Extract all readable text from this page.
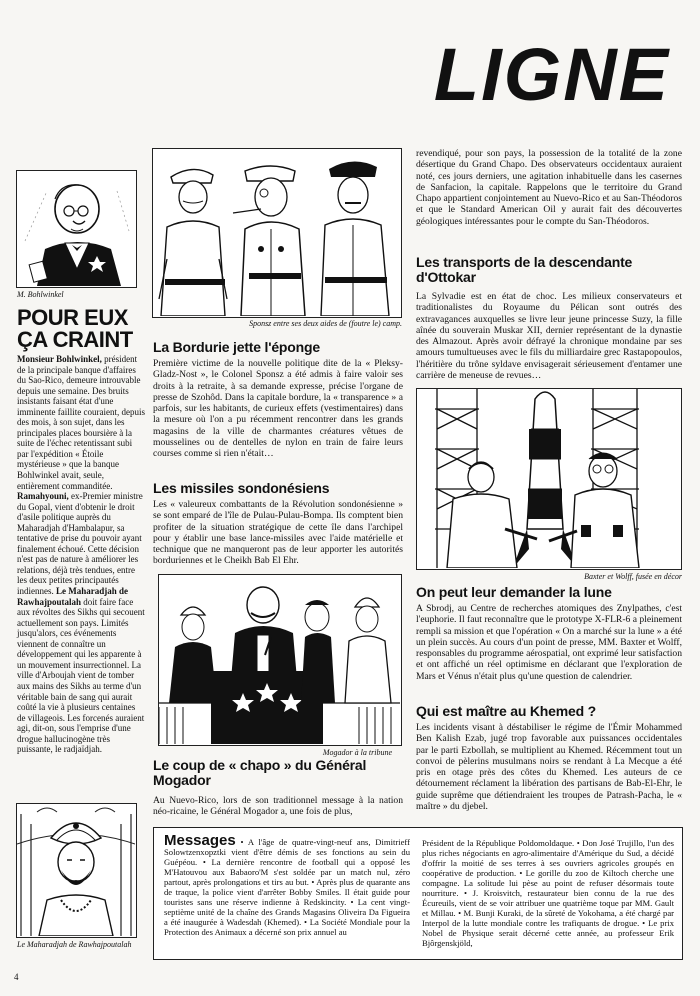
LIGNE
M. Bohlwinkel
POUR EUX ÇA CRAINT
Monsieur Bohlwinkel, président de la principale banque d'affaires du Sao-Rico, demeure introuvable depuis une semaine. Des bruits insistants faisant état d'une imminente faillite couraient, depuis des mois, à son sujet, dans les principales places boursière à la suite de l'échec retentissant subi par l'expédition « Étoile mystérieuse » que la banque Bohlwinkel avait, seule, entièrement commanditée. Ramahyouni, ex-Premier ministre du Gopal, vient d'obtenir le droit d'asile politique auprès du Maharadjah d'Hambalapur, sa tentative de prise du pouvoir ayant finalement échoué. Cette décision n'est pas de nature à améliorer les relations, déjà très tendues, entre les deux petites principautés indiennes. Le Maharadjah de Rawhajpoutalah doit faire face aux révoltes des Sikhs qui secouent actuellement son pays. Limités jusqu'alors, ces événements viennent de connaître un développement qui les apparente à un mouvement insurrectionnel. La ville d'Arboujah vient de tomber aux mains des Sikhs au terme d'un véritable bain de sang qui aurait coûté la vie à plusieurs centaines de villageois. Les forcenés auraient agi, dit-on, sous l'emprise d'une drogue hallucinogène très puissante, le radjaïdjah.
Le Maharadjah de Rawhajpoutalah
Sponsz entre ses deux aides de (foutre le) camp.
La Bordurie jette l'éponge
Première victime de la nouvelle politique dite de la « Pleksy-Gladz-Nost », le Colonel Sponsz a été admis à faire valoir ses droits à la retraite, à sa demande expresse, précise l'organe de presse de Szohôd. Dans la capitale bordure, la « transparence » a parfois, sur les habitants, de curieux effets (vestimentaires) dans la mesure où l'on a pu récemment rencontrer dans les grands magasins de la ville de charmantes créatures vêtues de mousselines ou de dentelles de nylon en train de faire leurs courses comme si rien n'était…
Les missiles sondonésiens
Les « valeureux combattants de la Révolution sondonésienne » se sont emparé de l'île de Pulau-Pulau-Bompa. Ils comptent bien profiter de la situation stratégique de cette île dans l'archipel pour y établir une base lance-missiles avec l'aide matérielle et technique que ne manqueront pas de leur apporter les autorités borduriennes et le Cheikh Bab El Ehr.
Mogador à la tribune
Le coup de « chapo » du Général Mogador
Au Nuevo-Rico, lors de son traditionnel message à la nation néo-ricaine, le Général Mogador a, une fois de plus,
revendiqué, pour son pays, la possession de la totalité de la zone désertique du Grand Chapo. Des observateurs occidentaux auraient noté, ces jours derniers, une agitation inhabituelle dans les casernes de Sanfacion, la capitale. Rappelons que le territoire du Grand Chapo appartient conjointement au Nuevo-Rico et au San-Théodoros et que le Standard American Oil y aurait fait des découvertes géologiques intéressantes pour le compte du San-Théodoros.
Les transports de la descendante d'Ottokar
La Sylvadie est en état de choc. Les milieux conservateurs et traditionalistes du Royaume du Pélican sont outrés des extravagances auxquelles se livre leur jeune princesse Suzy, la fille aînée du souverain Muskar XII, dernier représentant de la dynastie des Almazout. Après avoir défrayé la chronique mondaine par ses amours tumultueuses avec le fils du milliardaire grec Rastapopoulos, l'héritière du trône syldave envisagerait sérieusement d'entamer une carrière de meneuse de revues…
Baxter et Wolff, fusée en décor
On peut leur demander la lune
A Sbrodj, au Centre de recherches atomiques des Znylpathes, c'est l'euphorie. Il faut reconnaître que le prototype X-FLR-6 a pleinement rempli sa mission et que l'opération « On a marché sur la lune » a été un plein succès. Au cours d'un point de presse, MM. Baxter et Wolff, responsables du programme aérospatial, ont exprimé leur satisfaction et ont affiché un réel optimisme en déclarant que l'exploration de Mars et Vénus n'était plus qu'une question de calendrier.
Qui est maître au Khemed ?
Les incidents visant à déstabiliser le régime de l'Émir Mohammed Ben Kalish Ezab, jugé trop favorable aux puissances occidentales par le parti Ezbollah, se multiplient au Khemed. Récemment tout un convoi de pèlerins musulmans noirs se rendant à La Mecque a été pris en otage près des côtes du Khemed. Les auteurs de ce détournement réclament la libération des partisans de Bab-El-Ehr, le guide suprême que détiendraient les troupes de Patrash-Pacha, le « maître » du djebel.
Messages • A l'âge de quatre-vingt-neuf ans, Dimitrieff Solowtzenxopztki vient d'être démis de ses fonctions au sein du Guépéou. • La dernière rencontre de football qui a opposé les M'Hatouvou aux Babaoro'M s'est soldée par un match nul, zéro partout, après prolongations et tirs au but. • Après plus de quarante ans de traque, la police vient d'arrêter Bobby Smiles. Il était guide pour touristes sans une réserve indienne à Redskincity. • La cent vingt-septième unité de la chaîne des Grands Magasins Oliveira Da Figueira a été inaugurée à Wadesdah (Khemed). • La Société Mondiale pour la Protection des Animaux a décerné son prix annuel au
Président de la République Poldomoldaque. • Don José Trujillo, l'un des plus riches négociants en agro-alimentaire d'Amérique du Sud, a décidé d'offrir la moitié de ses terres à ses ouvriers agricoles groupés en coopérative de production. • Le gorille du zoo de Kiltoch cherche une compagne. La solitude lui pèse au point de refuser désormais toute nourriture. • J. Kroisvitch, restaurateur bien connu de la rue des Écureuils, vient de se voir attribuer une quatrième toque par MM. Gault et Millau. • M. Bunji Kuraki, de la sûreté de Yokohama, a été chargé par Interpol de la lutte mondiale contre les trafiquants de drogue. • Le prix Nobel de Physique serait décerné cette année, au professeur Erik Bjôrgenskjöld,
4
